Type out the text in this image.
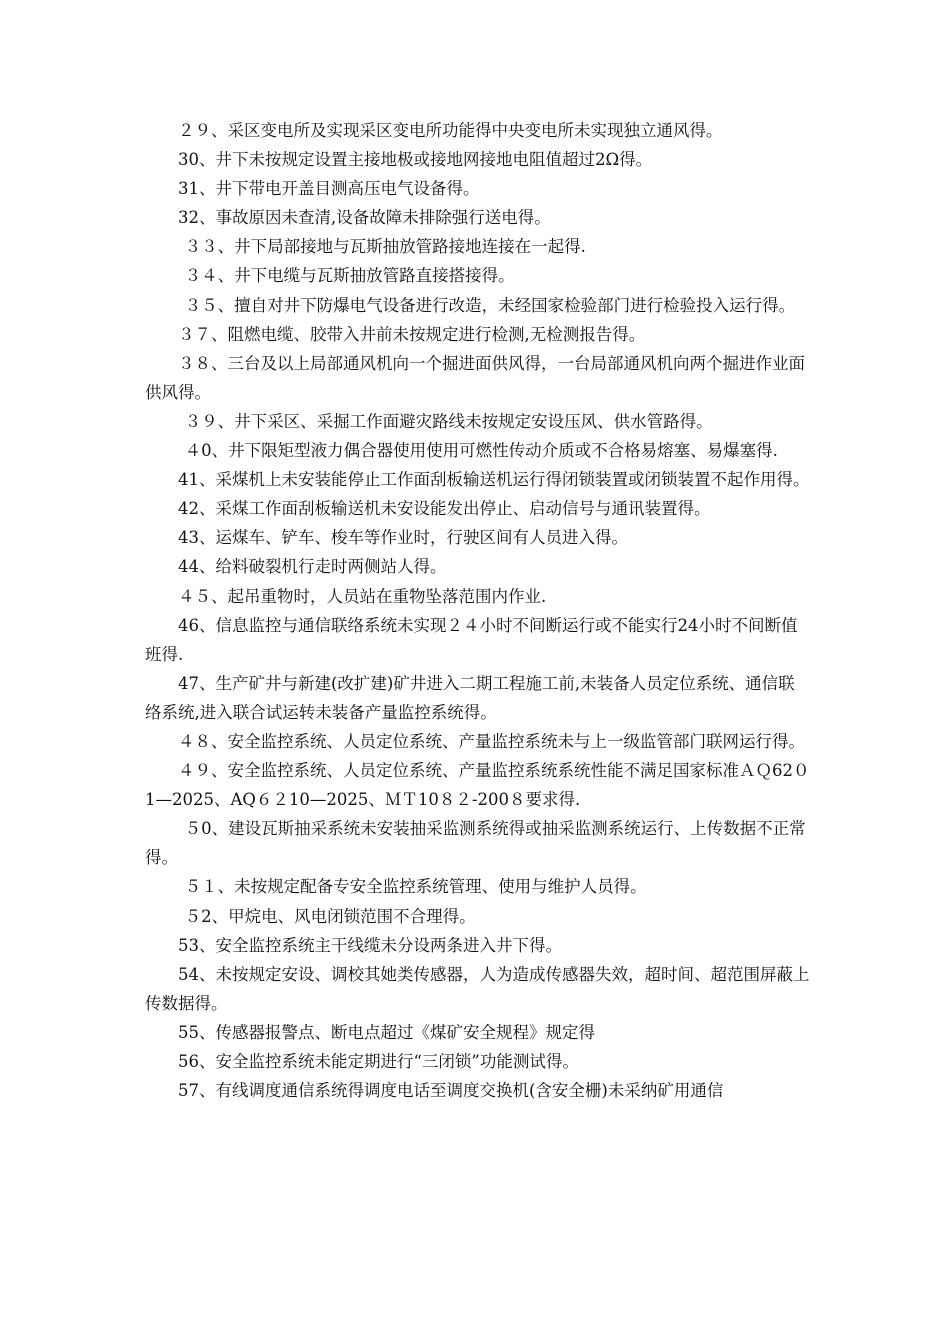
２９、采区变电所及实现采区变电所功能得中央变电所未实现独立通风得。

30、井下未按规定设置主接地极或接地网接地电阻值超过2Ω得。

31、井下带电开盖目测高压电气设备得。

32、事故原因未查清,设备故障未排除强行送电得。

３３、井下局部接地与瓦斯抽放管路接地连接在一起得.

３４、井下电缆与瓦斯抽放管路直接搭接得。

３５、擅自对井下防爆电气设备进行改造，未经国家检验部门进行检验投入运行得。

３７、阻燃电缆、胶带入井前未按规定进行检测,无检测报告得。

３８、三台及以上局部通风机向一个掘进面供风得，一台局部通风机向两个掘进作业面供风得。

３９、井下采区、采掘工作面避灾路线未按规定安设压风、供水管路得。

４0、井下限矩型液力偶合器使用使用可燃性传动介质或不合格易熔塞、易爆塞得.

41、采煤机上未安装能停止工作面刮板输送机运行得闭锁装置或闭锁装置不起作用得。

42、采煤工作面刮板输送机未安设能发出停止、启动信号与通讯装置得。

43、运煤车、铲车、梭车等作业时，行驶区间有人员进入得。

44、给料破裂机行走时两侧站人得。

４５、起吊重物时，人员站在重物坠落范围内作业.

46、信息监控与通信联络系统未实现２４小时不间断运行或不能实行24小时不间断值班得.

47、生产矿井与新建(改扩建)矿井进入二期工程施工前,未装备人员定位系统、通信联络系统,进入联合试运转未装备产量监控系统得。

４８、安全监控系统、人员定位系统、产量监控系统未与上一级监管部门联网运行得。

４９、安全监控系统、人员定位系统、产量监控系统系统性能不满足国家标准ＡＱ62０1—2025、AQ６２10—2025、ＭＴ10８２-200８要求得.

５0、建设瓦斯抽采系统未安装抽采监测系统得或抽采监测系统运行、上传数据不正常得。

５１、未按规定配备专安全监控系统管理、使用与维护人员得。

５2、甲烷电、风电闭锁范围不合理得。

53、安全监控系统主干线缆未分设两条进入井下得。

54、未按规定安设、调校其她类传感器，人为造成传感器失效，超时间、超范围屏蔽上传数据得。

55、传感器报警点、断电点超过《煤矿安全规程》规定得

56、安全监控系统未能定期进行“三闭锁”功能测试得。

57、有线调度通信系统得调度电话至调度交换机(含安全栅)未采纳矿用通信
